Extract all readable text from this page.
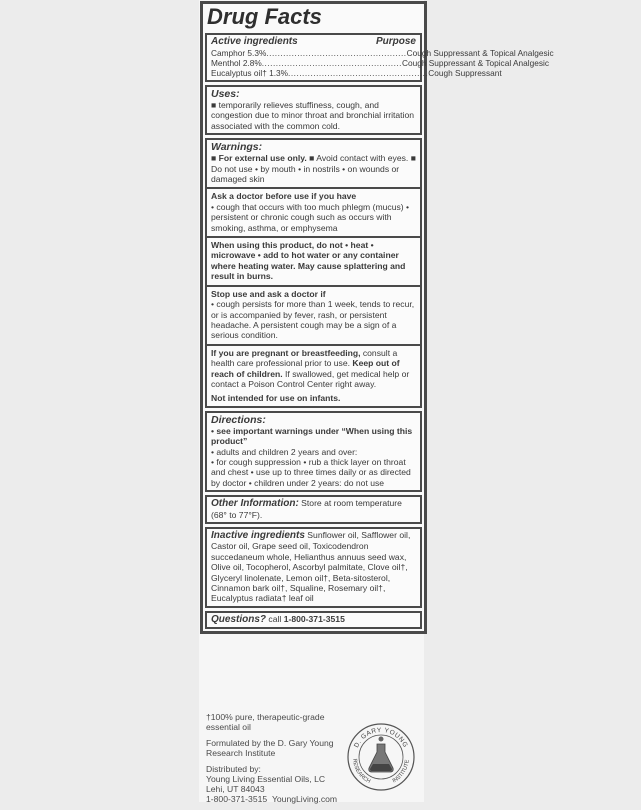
Drug Facts
Active ingredients	Purpose
Camphor 5.3% .................................................. Cough Suppressant & Topical Analgesic
Menthol 2.8% .................................................. Cough Suppressant & Topical Analgesic
Eucalyptus oil† 1.3% .................................................. Cough Suppressant
Uses:
■ temporarily relieves stuffiness, cough, and congestion due to minor throat and bronchial irritation associated with the common cold.
Warnings:
■ For external use only. ■ Avoid contact with eyes. ■ Do not use • by mouth • in nostrils • on wounds or damaged skin
Ask a doctor before use if you have
• cough that occurs with too much phlegm (mucus) • persistent or chronic cough such as occurs with smoking, asthma, or emphysema
When using this product, do not • heat • microwave • add to hot water or any container where heating water. May cause splattering and result in burns.
Stop use and ask a doctor if
• cough persists for more than 1 week, tends to recur, or is accompanied by fever, rash, or persistent headache. A persistent cough may be a sign of a serious condition.
If you are pregnant or breastfeeding, consult a health care professional prior to use. Keep out of reach of children. If swallowed, get medical help or contact a Poison Control Center right away.
Not intended for use on infants.
Directions:
• see important warnings under “When using this product”
• adults and children 2 years and over:
• for cough suppression • rub a thick layer on throat and chest • use up to three times daily or as directed by doctor • children under 2 years: do not use
Other Information: Store at room temperature (68° to 77°F).
Inactive ingredients Sunflower oil, Safflower oil, Castor oil, Grape seed oil, Toxicodendron succedaneum whole, Helianthus annuus seed wax, Olive oil, Tocopherol, Ascorbyl palmitate, Clove oil†, Glyceryl linolenate, Lemon oil†, Beta-sitosterol, Cinnamon bark oil†, Squaline, Rosemary oil†, Eucalyptus radiata† leaf oil
Questions? call 1-800-371-3515

†100% pure, therapeutic-grade essential oil

Formulated by the D. Gary Young Research Institute

Distributed by:
Young Living Essential Oils, LC
Lehi, UT 84043
1-800-371-3515 YoungLiving.com

D. GARY YOUNG
RESEARCH	INSTITUTE
